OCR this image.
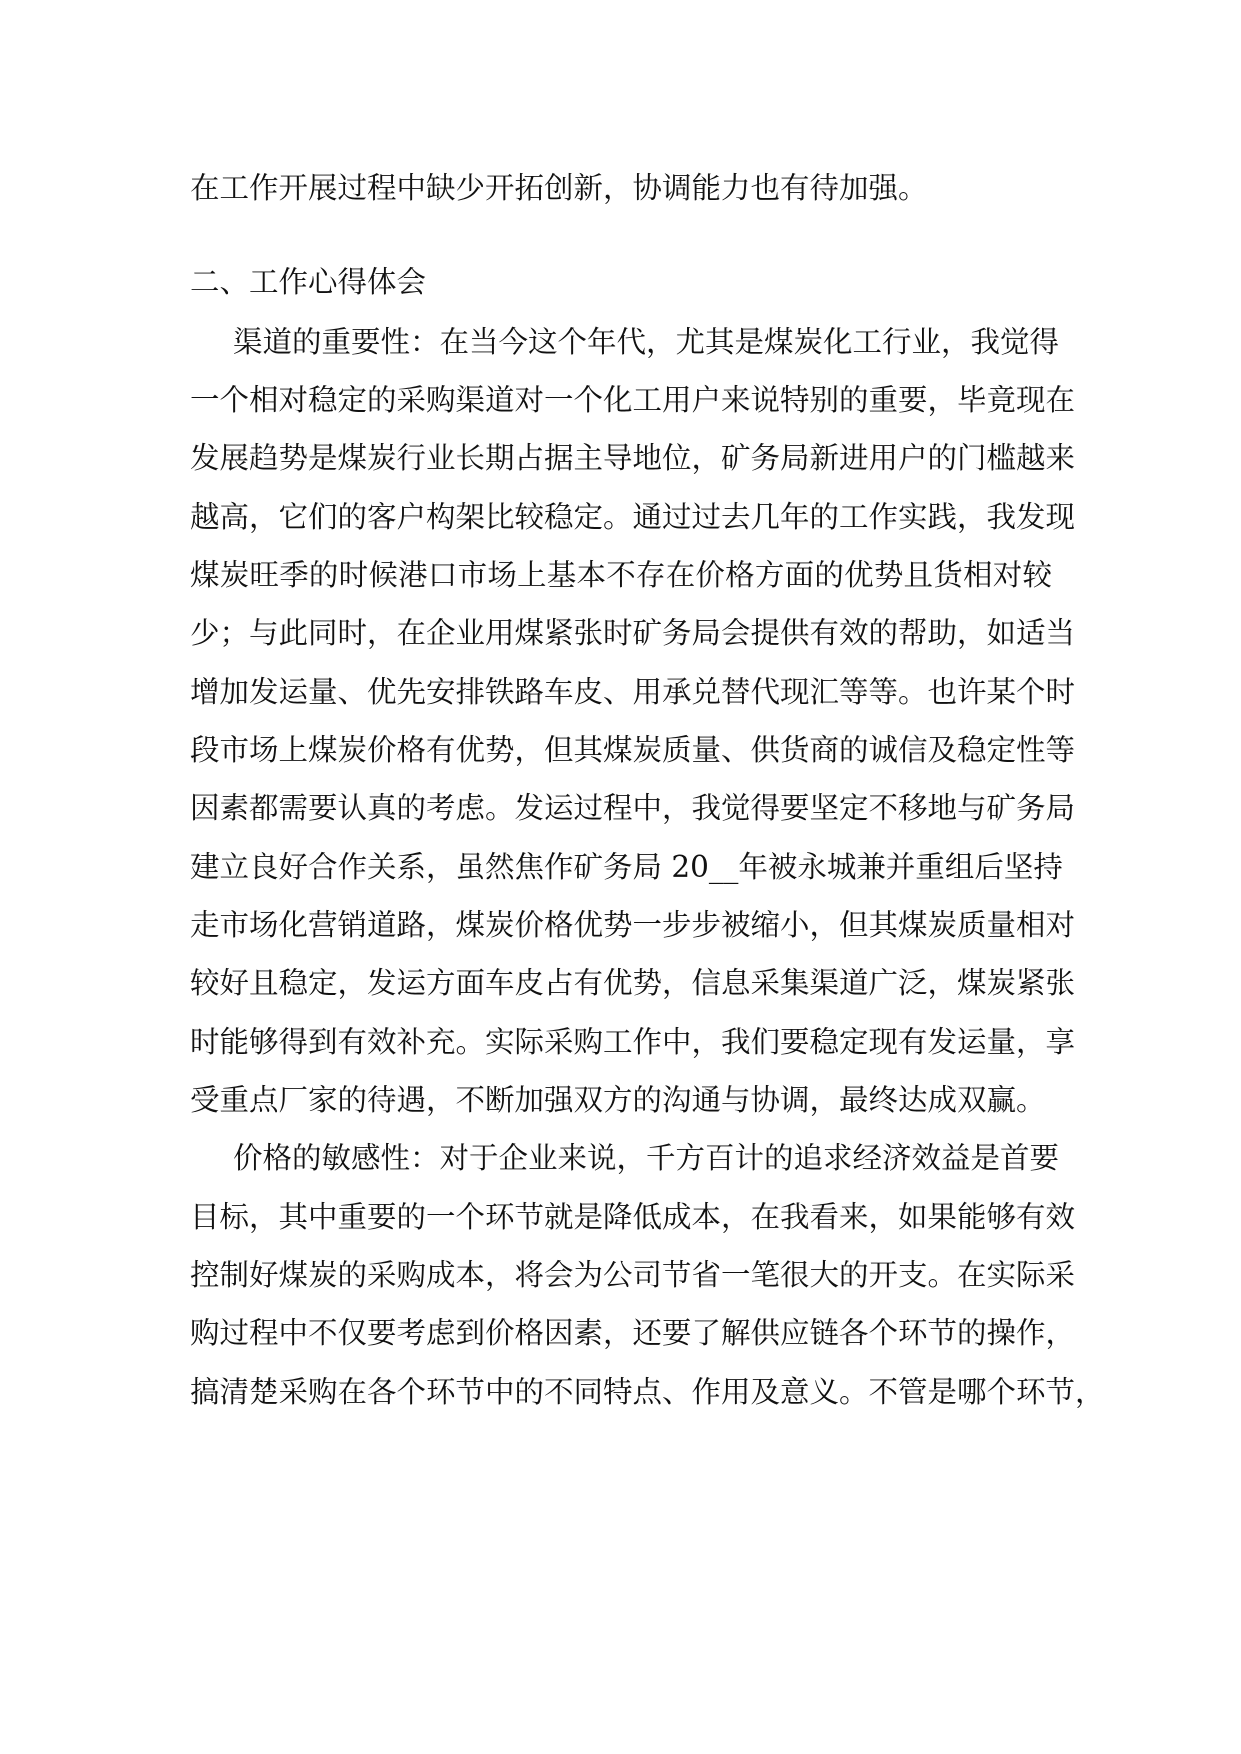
在工作开展过程中缺少开拓创新，协调能力也有待加强。

二、工作心得体会

渠道的重要性：在当今这个年代，尤其是煤炭化工行业，我觉得

一个相对稳定的采购渠道对一个化工用户来说特别的重要，毕竟现在

发展趋势是煤炭行业长期占据主导地位，矿务局新进用户的门槛越来

越高，它们的客户构架比较稳定。通过过去几年的工作实践，我发现

煤炭旺季的时候港口市场上基本不存在价格方面的优势且货相对较

少；与此同时，在企业用煤紧张时矿务局会提供有效的帮助，如适当

增加发运量、优先安排铁路车皮、用承兑替代现汇等等。也许某个时

段市场上煤炭价格有优势，但其煤炭质量、供货商的诚信及稳定性等

因素都需要认真的考虑。发运过程中，我觉得要坚定不移地与矿务局

建立良好合作关系，虽然焦作矿务局 20__年被永城兼并重组后坚持

走市场化营销道路，煤炭价格优势一步步被缩小，但其煤炭质量相对

较好且稳定，发运方面车皮占有优势，信息采集渠道广泛，煤炭紧张

时能够得到有效补充。实际采购工作中，我们要稳定现有发运量，享

受重点厂家的待遇，不断加强双方的沟通与协调，最终达成双赢。

价格的敏感性：对于企业来说，千方百计的追求经济效益是首要

目标，其中重要的一个环节就是降低成本，在我看来，如果能够有效

控制好煤炭的采购成本，将会为公司节省一笔很大的开支。在实际采

购过程中不仅要考虑到价格因素，还要了解供应链各个环节的操作，

搞清楚采购在各个环节中的不同特点、作用及意义。不管是哪个环节，
